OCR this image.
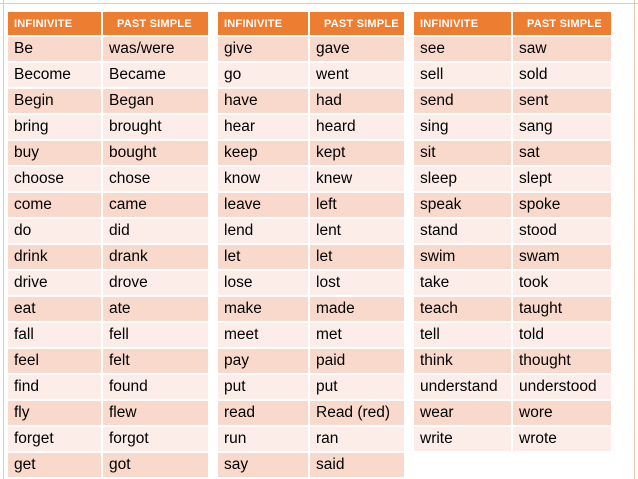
INFINIVITE	PAST SIMPLE
Be	was/were
Become	Became
Begin	Began
bring	brought
buy	bought
choose	chose
come	came
do	did
drink	drank
drive	drove
eat	ate
fall	fell
feel	felt
find	found
fly	flew
forget	forgot
get	got
INFINIVITE	PAST SIMPLE
give	gave
go	went
have	had
hear	heard
keep	kept
know	knew
leave	left
lend	lent
let	let
lose	lost
make	made
meet	met
pay	paid
put	put
read	Read (red)
run	ran
say	said
INFINIVITE	PAST SIMPLE
see	saw
sell	sold
send	sent
sing	sang
sit	sat
sleep	slept
speak	spoke
stand	stood
swim	swam
take	took
teach	taught
tell	told
think	thought
understand	understood
wear	wore
write	wrote
